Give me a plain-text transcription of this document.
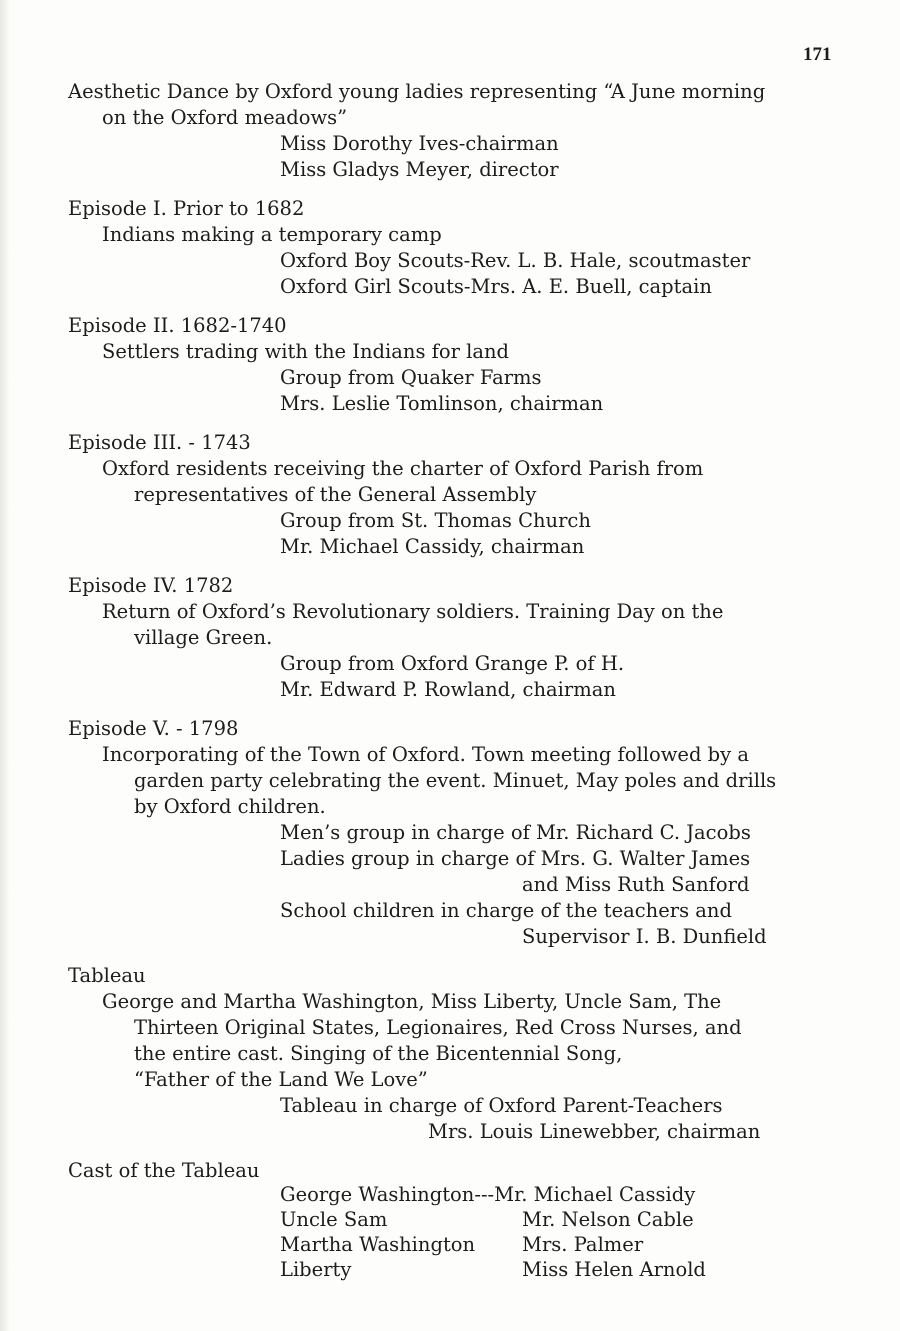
171
Aesthetic Dance by Oxford young ladies representing “A June morning
on the Oxford meadows”
Miss Dorothy Ives-chairman
Miss Gladys Meyer, director
Episode I. Prior to 1682
Indians making a temporary camp
Oxford Boy Scouts-Rev. L. B. Hale, scoutmaster
Oxford Girl Scouts-Mrs. A. E. Buell, captain
Episode II. 1682-1740
Settlers trading with the Indians for land
Group from Quaker Farms
Mrs. Leslie Tomlinson, chairman
Episode III. - 1743
Oxford residents receiving the charter of Oxford Parish from
representatives of the General Assembly
Group from St. Thomas Church
Mr. Michael Cassidy, chairman
Episode IV. 1782
Return of Oxford’s Revolutionary soldiers. Training Day on the
village Green.
Group from Oxford Grange P. of H.
Mr. Edward P. Rowland, chairman
Episode V. - 1798
Incorporating of the Town of Oxford. Town meeting followed by a
garden party celebrating the event. Minuet, May poles and drills
by Oxford children.
Men’s group in charge of Mr. Richard C. Jacobs
Ladies group in charge of Mrs. G. Walter James
and Miss Ruth Sanford
School children in charge of the teachers and
Supervisor I. B. Dunfield
Tableau
George and Martha Washington, Miss Liberty, Uncle Sam, The
Thirteen Original States, Legionaires, Red Cross Nurses, and
the entire cast. Singing of the Bicentennial Song,
“Father of the Land We Love”
Tableau in charge of Oxford Parent-Teachers
Mrs. Louis Linewebber, chairman
Cast of the Tableau
George Washington---Mr. Michael Cassidy
Uncle Sam	Mr. Nelson Cable
Martha Washington Mrs. Palmer
Liberty	Miss Helen Arnold
